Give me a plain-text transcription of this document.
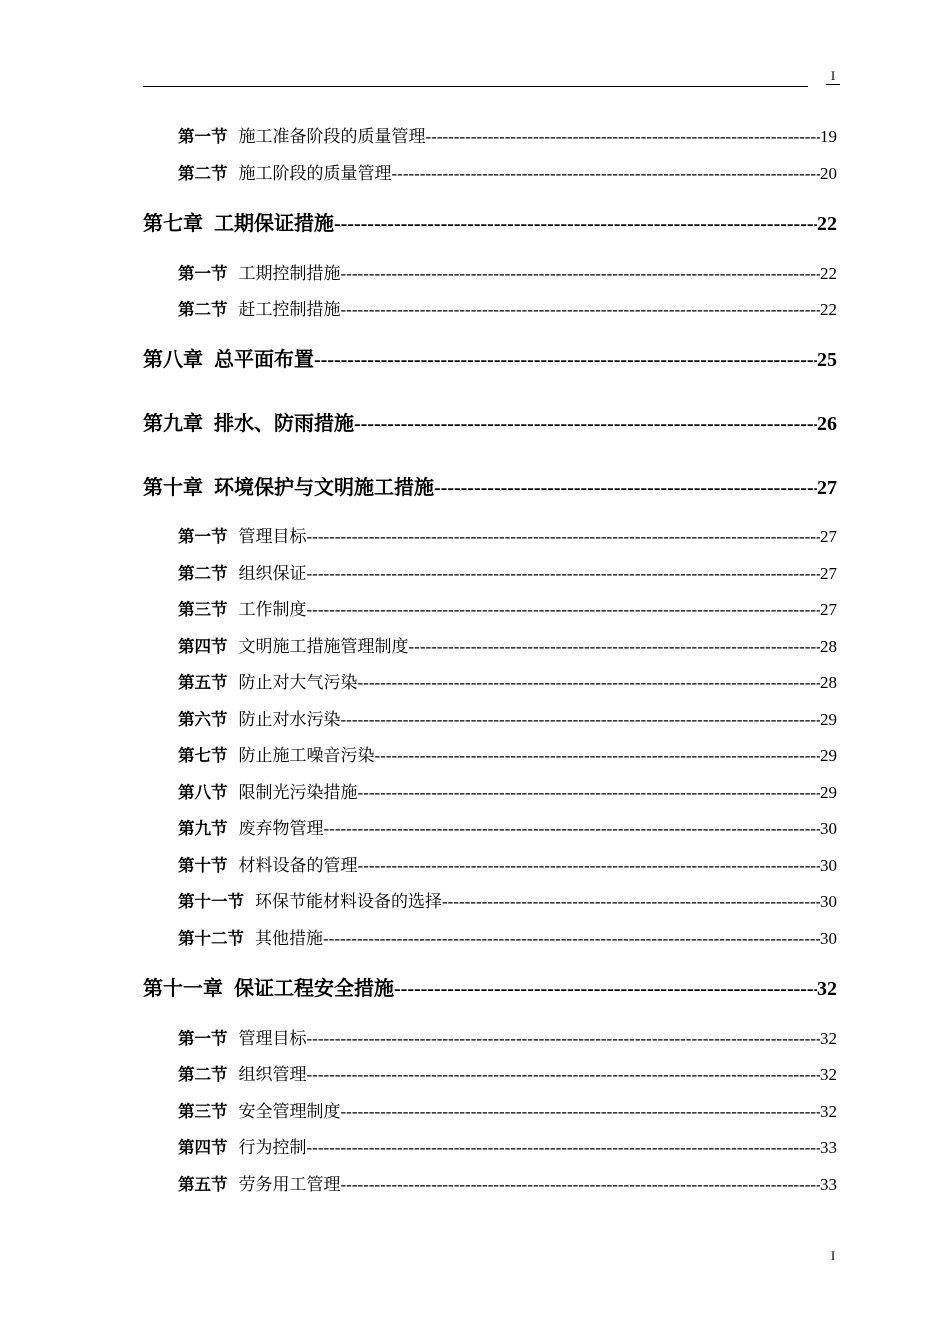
I
第一节 施工准备阶段的质量管理 -----	19
第二节 施工阶段的质量管理 -----	20
第七章 工期保证措施 -----	22
第一节 工期控制措施 -----	22
第二节 赶工控制措施 -----	22
第八章 总平面布置 -----	25
第九章 排水、防雨措施 -----	26
第十章 环境保护与文明施工措施 -----	27
第一节 管理目标 -----	27
第二节 组织保证 -----	27
第三节 工作制度 -----	27
第四节 文明施工措施管理制度 -----	28
第五节 防止对大气污染 -----	28
第六节 防止对水污染 -----	29
第七节 防止施工噪音污染 -----	29
第八节 限制光污染措施 -----	29
第九节 废弃物管理 -----	30
第十节 材料设备的管理 -----	30
第十一节 环保节能材料设备的选择 -----	30
第十二节 其他措施 -----	30
第十一章 保证工程安全措施 -----	32
第一节 管理目标 -----	32
第二节 组织管理 -----	32
第三节 安全管理制度 -----	32
第四节 行为控制 -----	33
第五节 劳务用工管理 -----	33
I
